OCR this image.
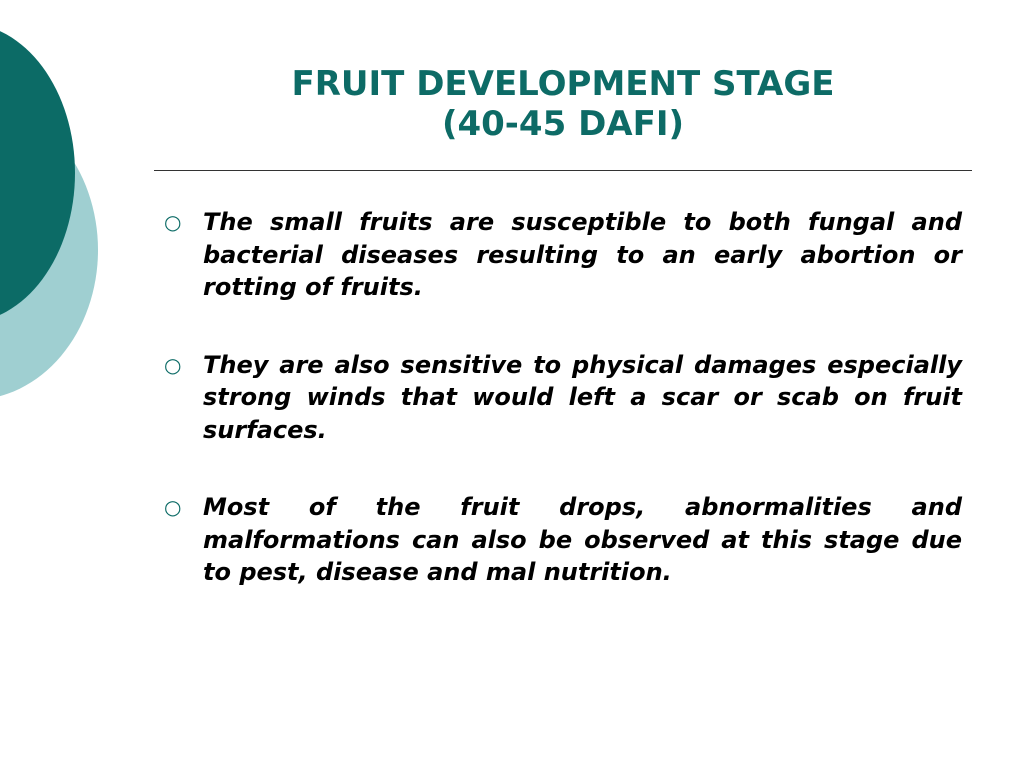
FRUIT DEVELOPMENT STAGE
(40-45 DAFI)
○ The small fruits are susceptible to both fungal and bacterial diseases resulting to an early abortion or rotting of fruits.
○ They are also sensitive to physical damages especially strong winds that would left a scar or scab on fruit surfaces.
○ Most of the fruit drops, abnormalities and malformations can also be observed at this stage due to pest, disease and mal nutrition.
